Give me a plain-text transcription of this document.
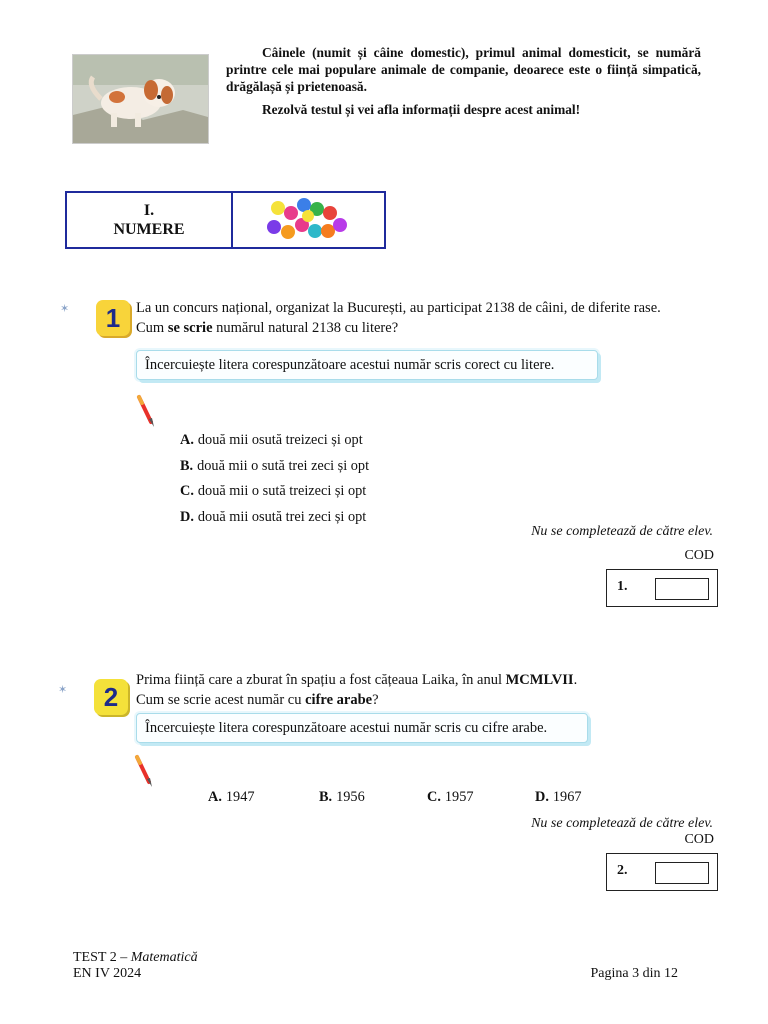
Câinele (numit și câine domestic), primul animal domesticit, se numără printre cele mai populare animale de companie, deoarece este o ființă simpatică, drăgălașă și prietenoasă.

Rezolvă testul și vei afla informații despre acest animal!

I.
NUMERE
✶	1	La un concurs național, organizat la București, au participat 2138 de câini, de diferite rase.
Cum se scrie numărul natural 2138 cu litere?
Încercuiește litera corespunzătoare acestui număr scris corect cu litere.
A. două mii osută treizeci și opt
B. două mii o sută trei zeci și opt
C. două mii o sută treizeci și opt
D. două mii osută trei zeci și opt
Nu se completează de către elev.
COD
1.
✶	2
Prima ființă care a zburat în spațiu a fost cățeaua Laika, în anul MCMLVII.
Cum se scrie acest număr cu cifre arabe?
Încercuiește litera corespunzătoare acestui număr scris cu cifre arabe.
A. 1947	B. 1956	C. 1957	D. 1967
Nu se completează de către elev.
COD
2.
TEST 2 – Matematică
EN IV 2024	Pagina 3 din 12
